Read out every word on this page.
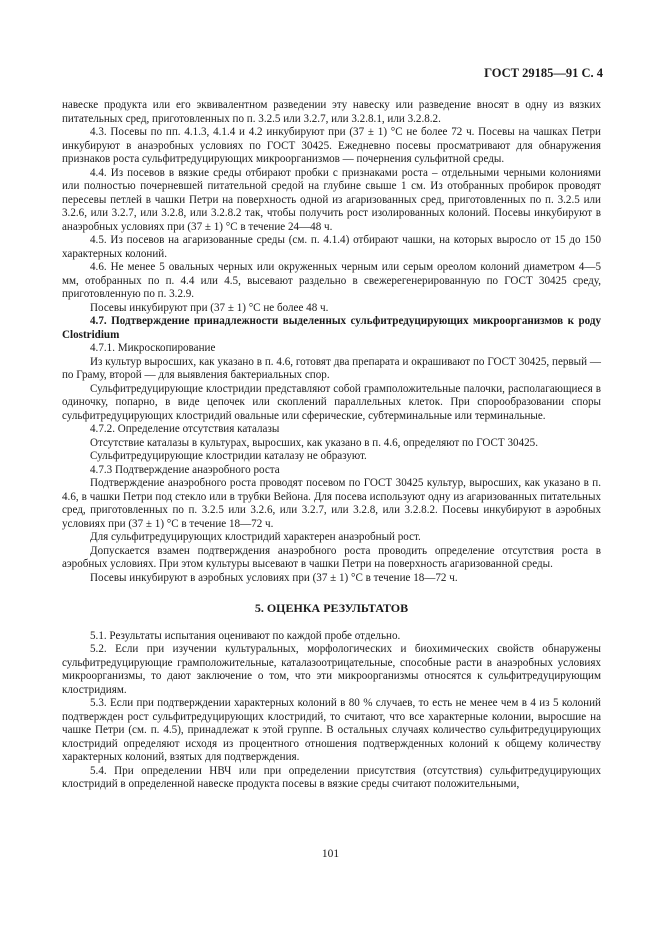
ГОСТ 29185—91 С. 4

навеске продукта или его эквивалентном разведении эту навеску или разведение вносят в одну из вязких питательных сред, приготовленных по п. 3.2.5 или 3.2.7, или 3.2.8.1, или 3.2.8.2.

4.3. Посевы по пп. 4.1.3, 4.1.4 и 4.2 инкубируют при (37 ± 1) °С не более 72 ч. Посевы на чашках Петри инкубируют в анаэробных условиях по ГОСТ 30425. Ежедневно посевы просматривают для обнаружения признаков роста сульфитредуцирующих микроорганизмов — почернения сульфитной среды.

4.4. Из посевов в вязкие среды отбирают пробки с признаками роста – отдельными черными колониями или полностью почерневшей питательной средой на глубине свыше 1 см. Из отобранных пробирок проводят пересевы петлей в чашки Петри на поверхность одной из агаризованных сред, приготовленных по п. 3.2.5 или 3.2.6, или 3.2.7, или 3.2.8, или 3.2.8.2 так, чтобы получить рост изолированных колоний. Посевы инкубируют в анаэробных условиях при (37 ± 1) °С в течение 24—48 ч.

4.5. Из посевов на агаризованные среды (см. п. 4.1.4) отбирают чашки, на которых выросло от 15 до 150 характерных колоний.

4.6. Не менее 5 овальных черных или окруженных черным или серым ореолом колоний диаметром 4—5 мм, отобранных по п. 4.4 или 4.5, высевают раздельно в свежерегенерированную по ГОСТ 30425 среду, приготовленную по п. 3.2.9.

Посевы инкубируют при (37 ± 1) °С не более 48 ч.

4.7. Подтверждение принадлежности выделенных сульфитредуцирующих микроорганизмов к роду Clostridium

4.7.1. Микроскопирование

Из культур выросших, как указано в п. 4.6, готовят два препарата и окрашивают по ГОСТ 30425, первый — по Граму, второй — для выявления бактериальных спор.

Сульфитредуцирующие клостридии представляют собой грамположительные палочки, располагающиеся в одиночку, попарно, в виде цепочек или скоплений параллельных клеток. При спорообразовании споры сульфитредуцирующих клостридий овальные или сферические, субтерминальные или терминальные.

4.7.2. Определение отсутствия каталазы

Отсутствие каталазы в культурах, выросших, как указано в п. 4.6, определяют по ГОСТ 30425.

Сульфитредуцирующие клостридии каталазу не образуют.

4.7.3 Подтверждение анаэробного роста

Подтверждение анаэробного роста проводят посевом по ГОСТ 30425 культур, выросших, как указано в п. 4.6, в чашки Петри под стекло или в трубки Вейона. Для посева используют одну из агаризованных питательных сред, приготовленных по п. 3.2.5 или 3.2.6, или 3.2.7, или 3.2.8, или 3.2.8.2. Посевы инкубируют в аэробных условиях при (37 ± 1) °С в течение 18—72 ч.

Для сульфитредуцирующих клостридий характерен анаэробный рост.

Допускается взамен подтверждения анаэробного роста проводить определение отсутствия роста в аэробных условиях. При этом культуры высевают в чашки Петри на поверхность агаризованной среды.

Посевы инкубируют в аэробных условиях при (37 ± 1) °С в течение 18—72 ч.

5. ОЦЕНКА РЕЗУЛЬТАТОВ

5.1. Результаты испытания оценивают по каждой пробе отдельно.

5.2. Если при изучении культуральных, морфологических и биохимических свойств обнаружены сульфитредуцирующие грамположительные, каталазоотрицательные, способные расти в анаэробных условиях микроорганизмы, то дают заключение о том, что эти микроорганизмы относятся к сульфитредуцирующим клостридиям.

5.3. Если при подтверждении характерных колоний в 80 % случаев, то есть не менее чем в 4 из 5 колоний подтвержден рост сульфитредуцирующих клостридий, то считают, что все характерные колонии, выросшие на чашке Петри (см. п. 4.5), принадлежат к этой группе. В остальных случаях количество сульфитредуцирующих клостридий определяют исходя из процентного отношения подтвержденных колоний к общему количеству характерных колоний, взятых для подтверждения.

5.4. При определении НВЧ или при определении присутствия (отсутствия) сульфитредуцирующих клостридий в определенной навеске продукта посевы в вязкие среды считают положительными,

101
